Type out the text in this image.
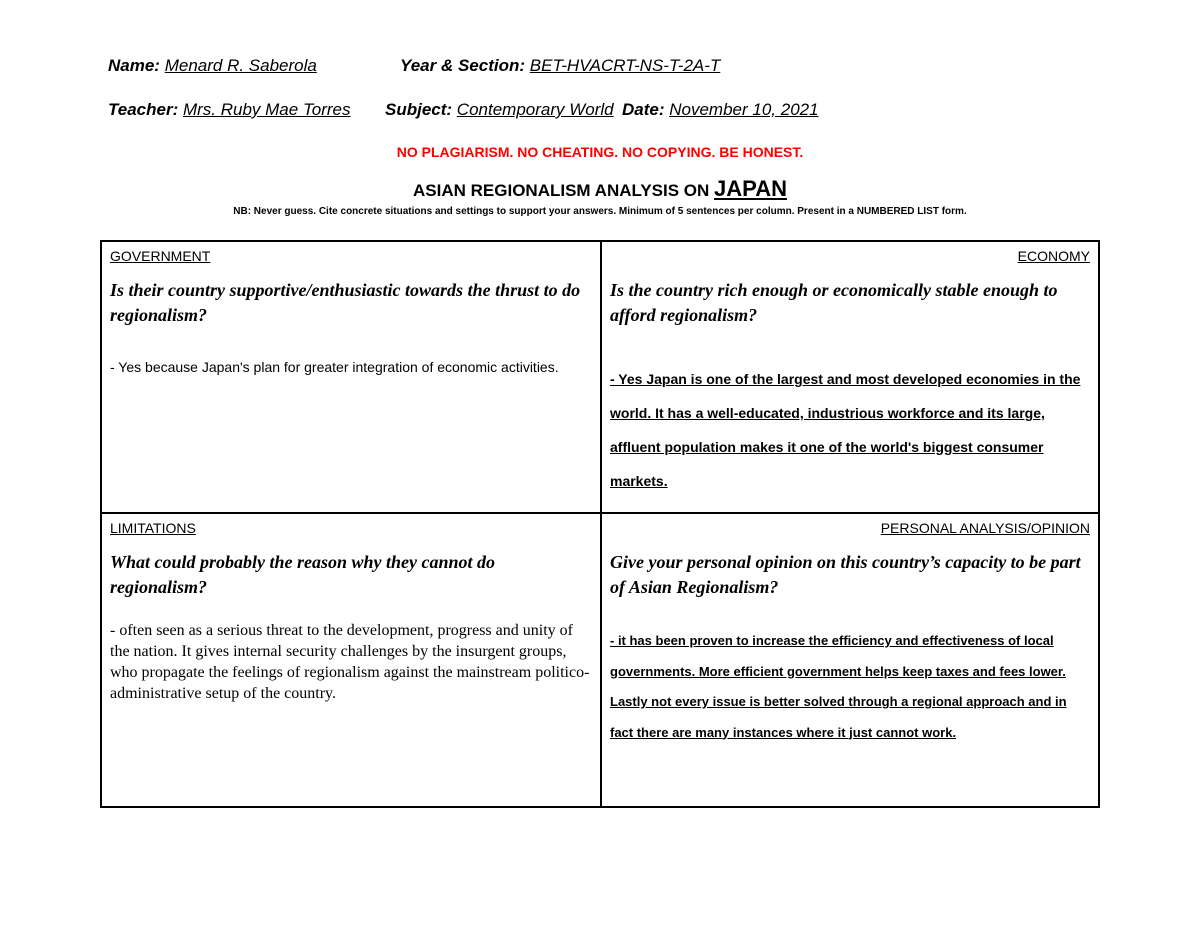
Name: Menard R. Saberola	Year & Section: BET-HVACRT-NS-T-2A-T
Teacher: Mrs. Ruby Mae Torres Subject: Contemporary World Date: November 10, 2021
NO PLAGIARISM. NO CHEATING. NO COPYING. BE HONEST.
ASIAN REGIONALISM ANALYSIS ON JAPAN
NB: Never guess. Cite concrete situations and settings to support your answers. Minimum of 5 sentences per column. Present in a NUMBERED LIST form.
GOVERNMENT
Is their country supportive/enthusiastic towards the thrust to do regionalism?
- Yes because Japan's plan for greater integration of economic activities.
ECONOMY
Is the country rich enough or economically stable enough to afford regionalism?
- Yes Japan is one of the largest and most developed economies in the world. It has a well-educated, industrious workforce and its large, affluent population makes it one of the world's biggest consumer markets.
LIMITATIONS
What could probably the reason why they cannot do regionalism?
- often seen as a serious threat to the development, progress and unity of the nation. It gives internal security challenges by the insurgent groups, who propagate the feelings of regionalism against the mainstream politico-administrative setup of the country.
PERSONAL ANALYSIS/OPINION
Give your personal opinion on this country’s capacity to be part of Asian Regionalism?
- it has been proven to increase the efficiency and effectiveness of local governments. More efficient government helps keep taxes and fees lower. Lastly not every issue is better solved through a regional approach and in fact there are many instances where it just cannot work.
